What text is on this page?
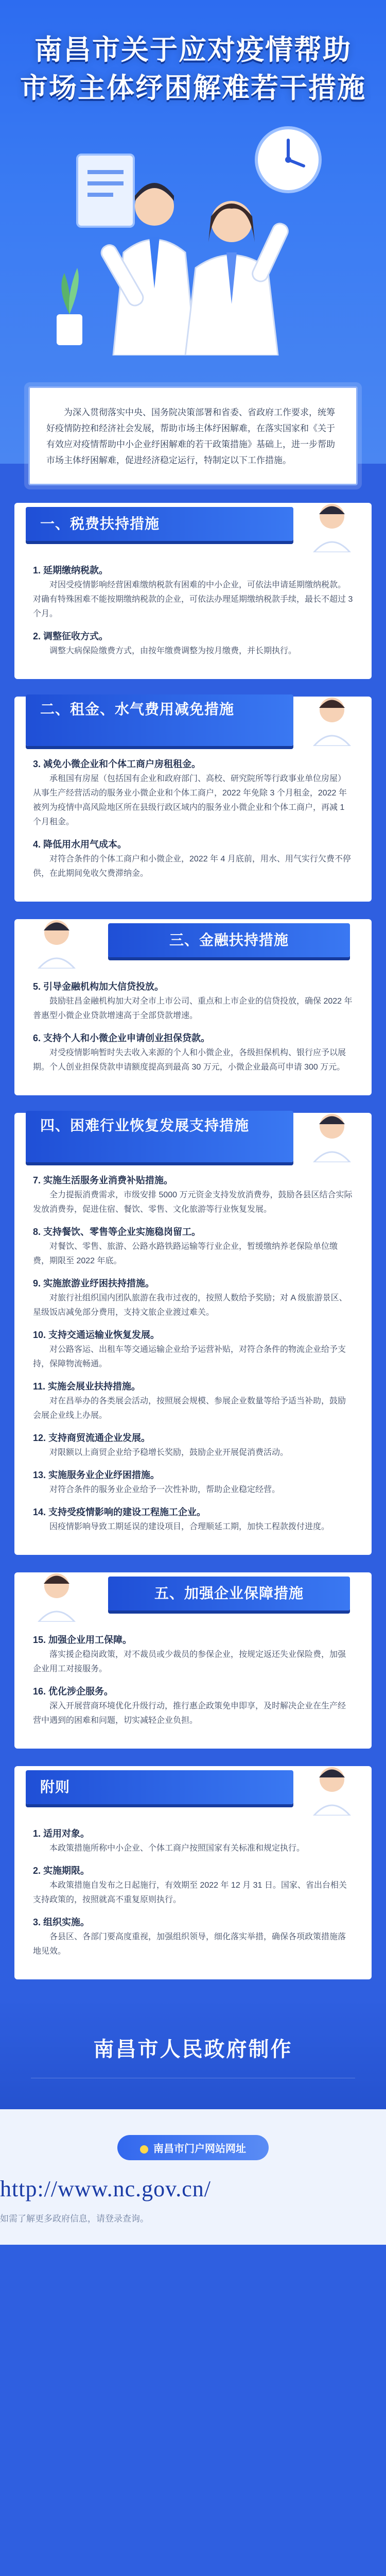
南昌市关于应对疫情帮助
市场主体纾困解难若干措施

为深入贯彻落实中央、国务院决策部署和省委、省政府工作要求，统筹好疫情防控和经济社会发展，帮助市场主体纾困解难，在落实国家和《关于有效应对疫情帮助中小企业纾困解难的若干政策措施》基础上，进一步帮助市场主体纾困解难，促进经济稳定运行，特制定以下工作措施。

一、税费扶持措施
1. 延期缴纳税款。
对因受疫情影响经营困难缴纳税款有困难的中小企业，可依法申请延期缴纳税款。对确有特殊困难不能按期缴纳税款的企业，可依法办理延期缴纳税款手续，最长不超过 3 个月。
2. 调整征收方式。
调整大病保险缴费方式，由按年缴费调整为按月缴费，并长期执行。
二、租金、水气费用减免措施
3. 减免小微企业和个体工商户房租租金。
承租国有房屋（包括国有企业和政府部门、高校、研究院所等行政事业单位房屋）从事生产经营活动的服务业小微企业和个体工商户，2022 年免除 3 个月租金，2022 年被列为疫情中高风险地区所在县级行政区域内的服务业小微企业和个体工商户，再减 1 个月租金。
4. 降低用水用气成本。
对符合条件的个体工商户和小微企业，2022 年 4 月底前，用水、用气实行欠费不停供，在此期间免收欠费滞纳金。
三、金融扶持措施
5. 引导金融机构加大信贷投放。
鼓励驻昌金融机构加大对全市上市公司、重点和上市企业的信贷投放，确保 2022 年普惠型小微企业贷款增速高于全部贷款增速。
6. 支持个人和小微企业申请创业担保贷款。
对受疫情影响暂时失去收入来源的个人和小微企业，各级担保机构、银行应予以展期。个人创业担保贷款申请额度提高到最高 30 万元，小微企业最高可申请 300 万元。
四、困难行业恢复发展支持措施
7. 实施生活服务业消费补贴措施。
全力提振消费需求，市级安排 5000 万元资金支持发放消费券，鼓励各县区结合实际发放消费券，促进住宿、餐饮、零售、文化旅游等行业恢复发展。
8. 支持餐饮、零售等企业实施稳岗留工。
对餐饮、零售、旅游、公路水路铁路运输等行业企业，暂缓缴纳养老保险单位缴费，期限至 2022 年底。
9. 实施旅游业纾困扶持措施。
对旅行社组织国内团队旅游在我市过夜的，按照人数给予奖励；对 A 级旅游景区、星级饭店减免部分费用，支持文旅企业渡过难关。
10. 支持交通运输业恢复发展。
对公路客运、出租车等交通运输企业给予运营补贴，对符合条件的物流企业给予支持，保障物流畅通。
11. 实施会展业扶持措施。
对在昌举办的各类展会活动，按照展会规模、参展企业数量等给予适当补助，鼓励会展企业线上办展。
12. 支持商贸流通企业发展。
对限额以上商贸企业给予稳增长奖励，鼓励企业开展促消费活动。
13. 实施服务业企业纾困措施。
对符合条件的服务业企业给予一次性补助，帮助企业稳定经营。
14. 支持受疫情影响的建设工程施工企业。
因疫情影响导致工期延误的建设项目，合理顺延工期，加快工程款拨付进度。
五、加强企业保障措施
15. 加强企业用工保障。
落实援企稳岗政策，对不裁员或少裁员的参保企业，按规定返还失业保险费，加强企业用工对接服务。
16. 优化涉企服务。
深入开展营商环境优化升级行动，推行惠企政策免申即享，及时解决企业在生产经营中遇到的困难和问题，切实减轻企业负担。
附则
1. 适用对象。
本政策措施所称中小企业、个体工商户按照国家有关标准和规定执行。
2. 实施期限。
本政策措施自发布之日起施行，有效期至 2022 年 12 月 31 日。国家、省出台相关支持政策的，按照就高不重复原则执行。
3. 组织实施。
各县区、各部门要高度重视，加强组织领导，细化落实举措，确保各项政策措施落地见效。
南昌市人民政府制作
南昌市门户网站网址
http://www.nc.gov.cn/
如需了解更多政府信息，请登录查询。
